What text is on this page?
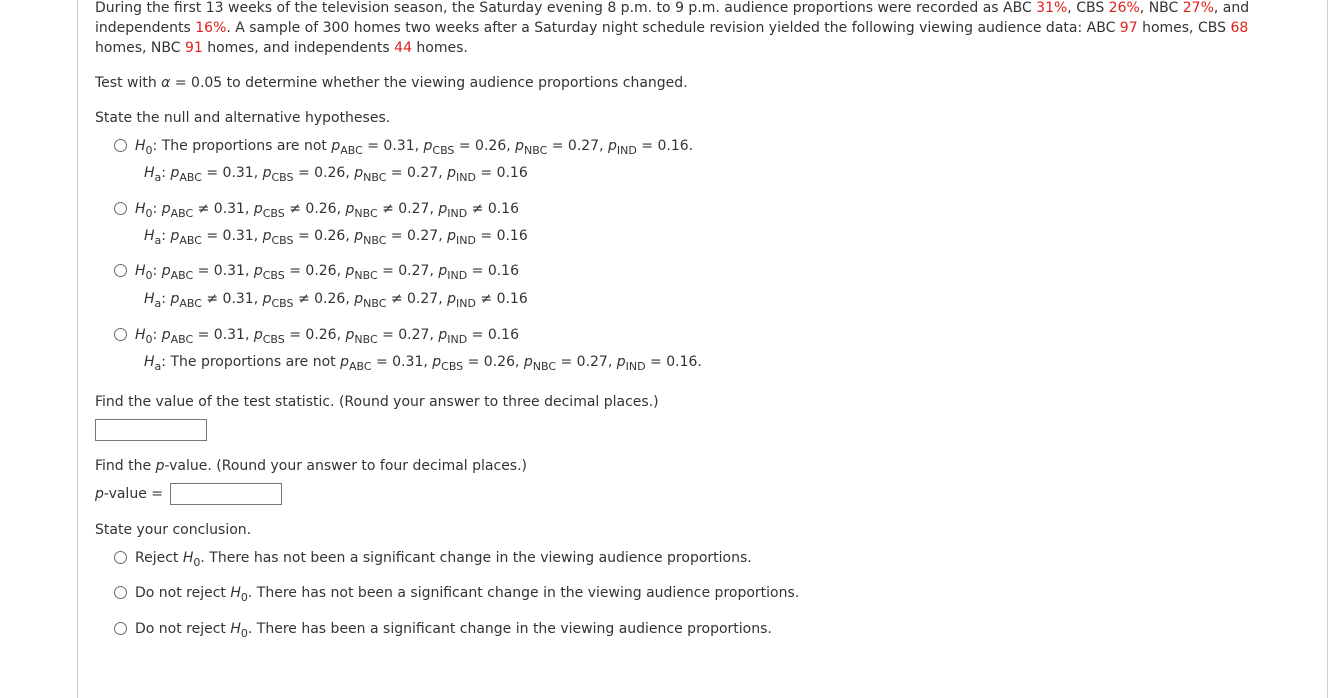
During the first 13 weeks of the television season, the Saturday evening 8 p.m. to 9 p.m. audience proportions were recorded as ABC 31%, CBS 26%, NBC 27%, and
independents 16%. A sample of 300 homes two weeks after a Saturday night schedule revision yielded the following viewing audience data: ABC 97 homes, CBS 68
homes, NBC 91 homes, and independents 44 homes.
Test with α = 0.05 to determine whether the viewing audience proportions changed.
State the null and alternative hypotheses.
$H_0$: The proportions are not $p_{ABC} = 0.31$, $p_{CBS} = 0.26$, $p_{NBC} = 0.27$, $p_{IND} = 0.16$.
$H_a$: $p_{ABC} = 0.31$, $p_{CBS} = 0.26$, $p_{NBC} = 0.27$, $p_{IND} = 0.16$
$H_0$: $p_{ABC} \ne 0.31$, $p_{CBS} \ne 0.26$, $p_{NBC} \ne 0.27$, $p_{IND} \ne 0.16$
$H_a$: $p_{ABC} = 0.31$, $p_{CBS} = 0.26$, $p_{NBC} = 0.27$, $p_{IND} = 0.16$
$H_0$: $p_{ABC} = 0.31$, $p_{CBS} = 0.26$, $p_{NBC} = 0.27$, $p_{IND} = 0.16$
$H_a$: $p_{ABC} \ne 0.31$, $p_{CBS} \ne 0.26$, $p_{NBC} \ne 0.27$, $p_{IND} \ne 0.16$
$H_0$: $p_{ABC} = 0.31$, $p_{CBS} = 0.26$, $p_{NBC} = 0.27$, $p_{IND} = 0.16$
$H_a$: The proportions are not $p_{ABC} = 0.31$, $p_{CBS} = 0.26$, $p_{NBC} = 0.27$, $p_{IND} = 0.16$.
Find the value of the test statistic. (Round your answer to three decimal places.)
Find the p-value. (Round your answer to four decimal places.)
p-value =
State your conclusion.
Reject $H_0$. There has not been a significant change in the viewing audience proportions.
Do not reject $H_0$. There has not been a significant change in the viewing audience proportions.
Do not reject $H_0$. There has been a significant change in the viewing audience proportions.
